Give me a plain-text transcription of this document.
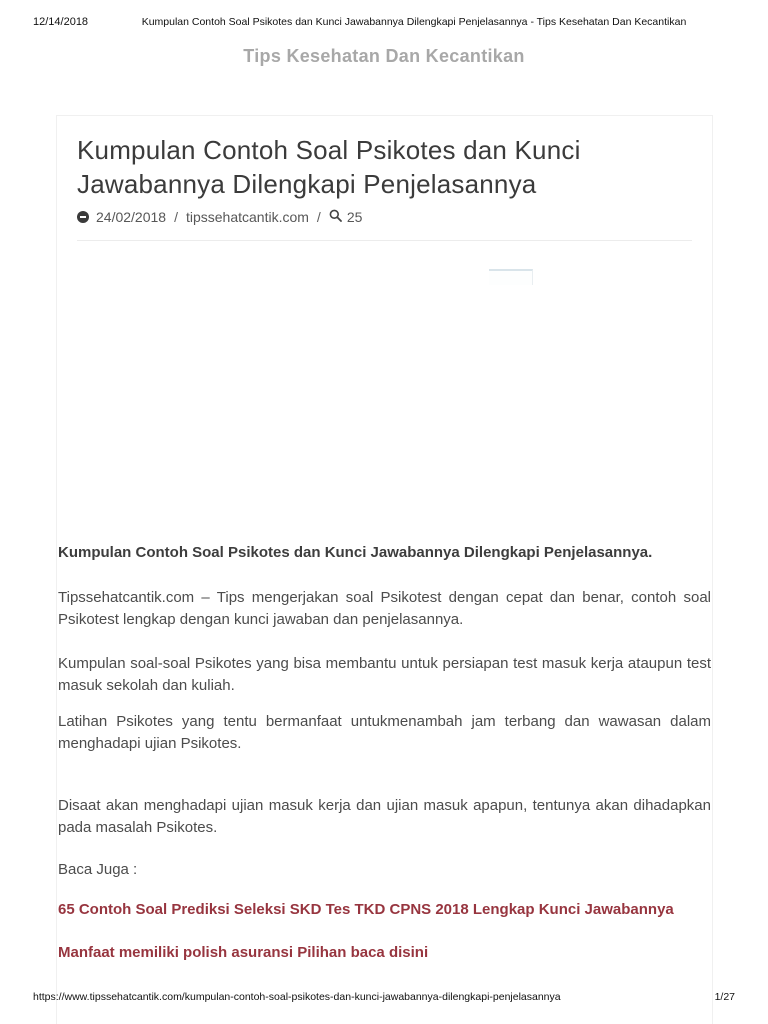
12/14/2018	Kumpulan Contoh Soal Psikotes dan Kunci Jawabannya Dilengkapi Penjelasannya - Tips Kesehatan Dan Kecantikan
Tips Kesehatan Dan Kecantikan
Kumpulan Contoh Soal Psikotes dan Kunci Jawabannya Dilengkapi Penjelasannya
24/02/2018 / tipssehatcantik.com / 25

Kumpulan Contoh Soal Psikotes dan Kunci Jawabannya Dilengkapi Penjelasannya.

Tipssehatcantik.com – Tips mengerjakan soal Psikotest dengan cepat dan benar, contoh soal Psikotest lengkap dengan kunci jawaban dan penjelasannya.

Kumpulan soal-soal Psikotes yang bisa membantu untuk persiapan test masuk kerja ataupun test masuk sekolah dan kuliah.

Latihan Psikotes yang tentu bermanfaat untukmenambah jam terbang dan wawasan dalam menghadapi ujian Psikotes.

Disaat akan menghadapi ujian masuk kerja dan ujian masuk apapun, tentunya akan dihadapkan pada masalah Psikotes.

Baca Juga :

65 Contoh Soal Prediksi Seleksi SKD Tes TKD CPNS 2018 Lengkap Kunci Jawabannya

Manfaat memiliki polish asuransi Pilihan baca disini

https://www.tipssehatcantik.com/kumpulan-contoh-soal-psikotes-dan-kunci-jawabannya-dilengkapi-penjelasannya	1/27
